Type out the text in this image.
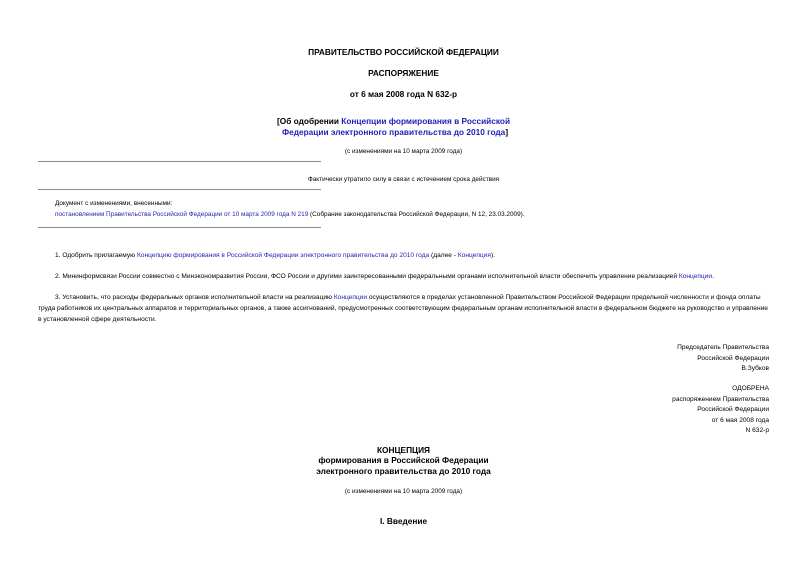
ПРАВИТЕЛЬСТВО РОССИЙСКОЙ ФЕДЕРАЦИИ
РАСПОРЯЖЕНИЕ
от 6 мая 2008 года N 632-р
[Об одобрении Концепции формирования в Российской
Федерации электронного правительства до 2010 года]
(с изменениями на 10 марта 2009 года)
Фактически утратило силу в связи с истечением срока действия
Документ с изменениями, внесенными:
постановлением Правительства Российской Федерации от 10 марта 2009 года N 219 (Собрание законодательства Российской Федерации, N 12, 23.03.2009).
1. Одобрить прилагаемую Концепцию формирования в Российской Федерации электронного правительства до 2010 года (далее - Концепция).
2. Мининформсвязи России совместно с Минэкономразвития России, ФСО России и другими заинтересованными федеральными органами исполнительной власти обеспечить управление реализацией Концепции.
3. Установить, что расходы федеральных органов исполнительной власти на реализацию Концепции осуществляются в пределах установленной Правительством Российской Федерации предельной численности и фонда оплаты труда работников их центральных аппаратов и территориальных органов, а также ассигнований, предусмотренных соответствующим федеральным органам исполнительной власти в федеральном бюджете на руководство и управление в установленной сфере деятельности.
Председатель Правительства
Российской Федерации
В.Зубков
ОДОБРЕНА
распоряжением Правительства
Российской Федерации
от 6 мая 2008 года
N 632-р
КОНЦЕПЦИЯ
формирования в Российской Федерации
электронного правительства до 2010 года
(с изменениями на 10 марта 2009 года)
I. Введение
